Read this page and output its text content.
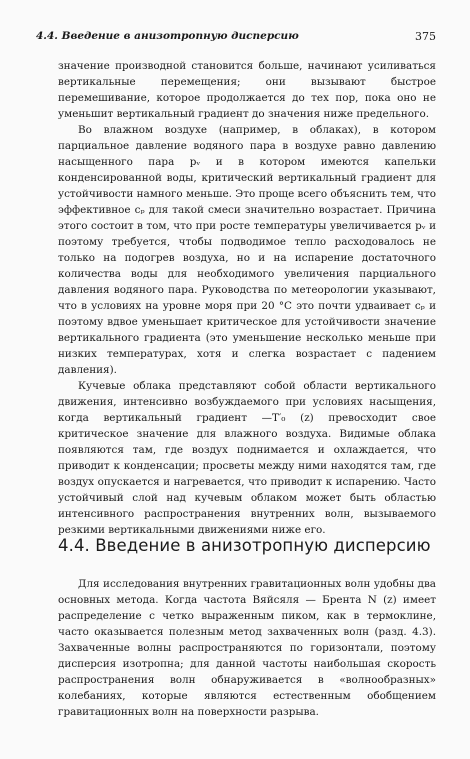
4.4. Введение в анизотропную дисперсию	375

значение производной становится больше, начинают усиливаться вертикальные перемещения; они вызывают быстрое перемешивание, которое продолжается до тех пор, пока оно не уменьшит вертикальный градиент до значения ниже предельного.

Во влажном воздухе (например, в облаках), в котором парциальное давление водяного пара в воздухе равно давлению насыщенного пара pᵥ и в котором имеются капельки конденсированной воды, критический вертикальный градиент для устойчивости намного меньше. Это проще всего объяснить тем, что эффективное cₚ для такой смеси значительно возрастает. Причина этого состоит в том, что при росте температуры увеличивается pᵥ и поэтому требуется, чтобы подводимое тепло расходовалось не только на подогрев воздуха, но и на испарение достаточного количества воды для необходимого увеличения парциального давления водяного пара. Руководства по метеорологии указывают, что в условиях на уровне моря при 20 °С это почти удваивает cₚ и поэтому вдвое уменьшает критическое для устойчивости значение вертикального градиента (это уменьшение несколько меньше при низких температурах, хотя и слегка возрастает с падением давления).

Кучевые облака представляют собой области вертикального движения, интенсивно возбуждаемого при условиях насыщения, когда вертикальный градиент —T′₀ (z) превосходит свое критическое значение для влажного воздуха. Видимые облака появляются там, где воздух поднимается и охлаждается, что приводит к конденсации; просветы между ними находятся там, где воздух опускается и нагревается, что приводит к испарению. Часто устойчивый слой над кучевым облаком может быть областью интенсивного распространения внутренних волн, вызываемого резкими вертикальными движениями ниже его.

4.4. Введение в анизотропную дисперсию

Для исследования внутренних гравитационных волн удобны два основных метода. Когда частота Вяйсяля — Брента N (z) имеет распределение с четко выраженным пиком, как в термоклине, часто оказывается полезным метод захваченных волн (разд. 4.3). Захваченные волны распространяются по горизонтали, поэтому дисперсия изотропна; для данной частоты наибольшая скорость распространения волн обнаруживается в «волнообразных» колебаниях, которые являются естественным обобщением гравитационных волн на поверхности разрыва.
